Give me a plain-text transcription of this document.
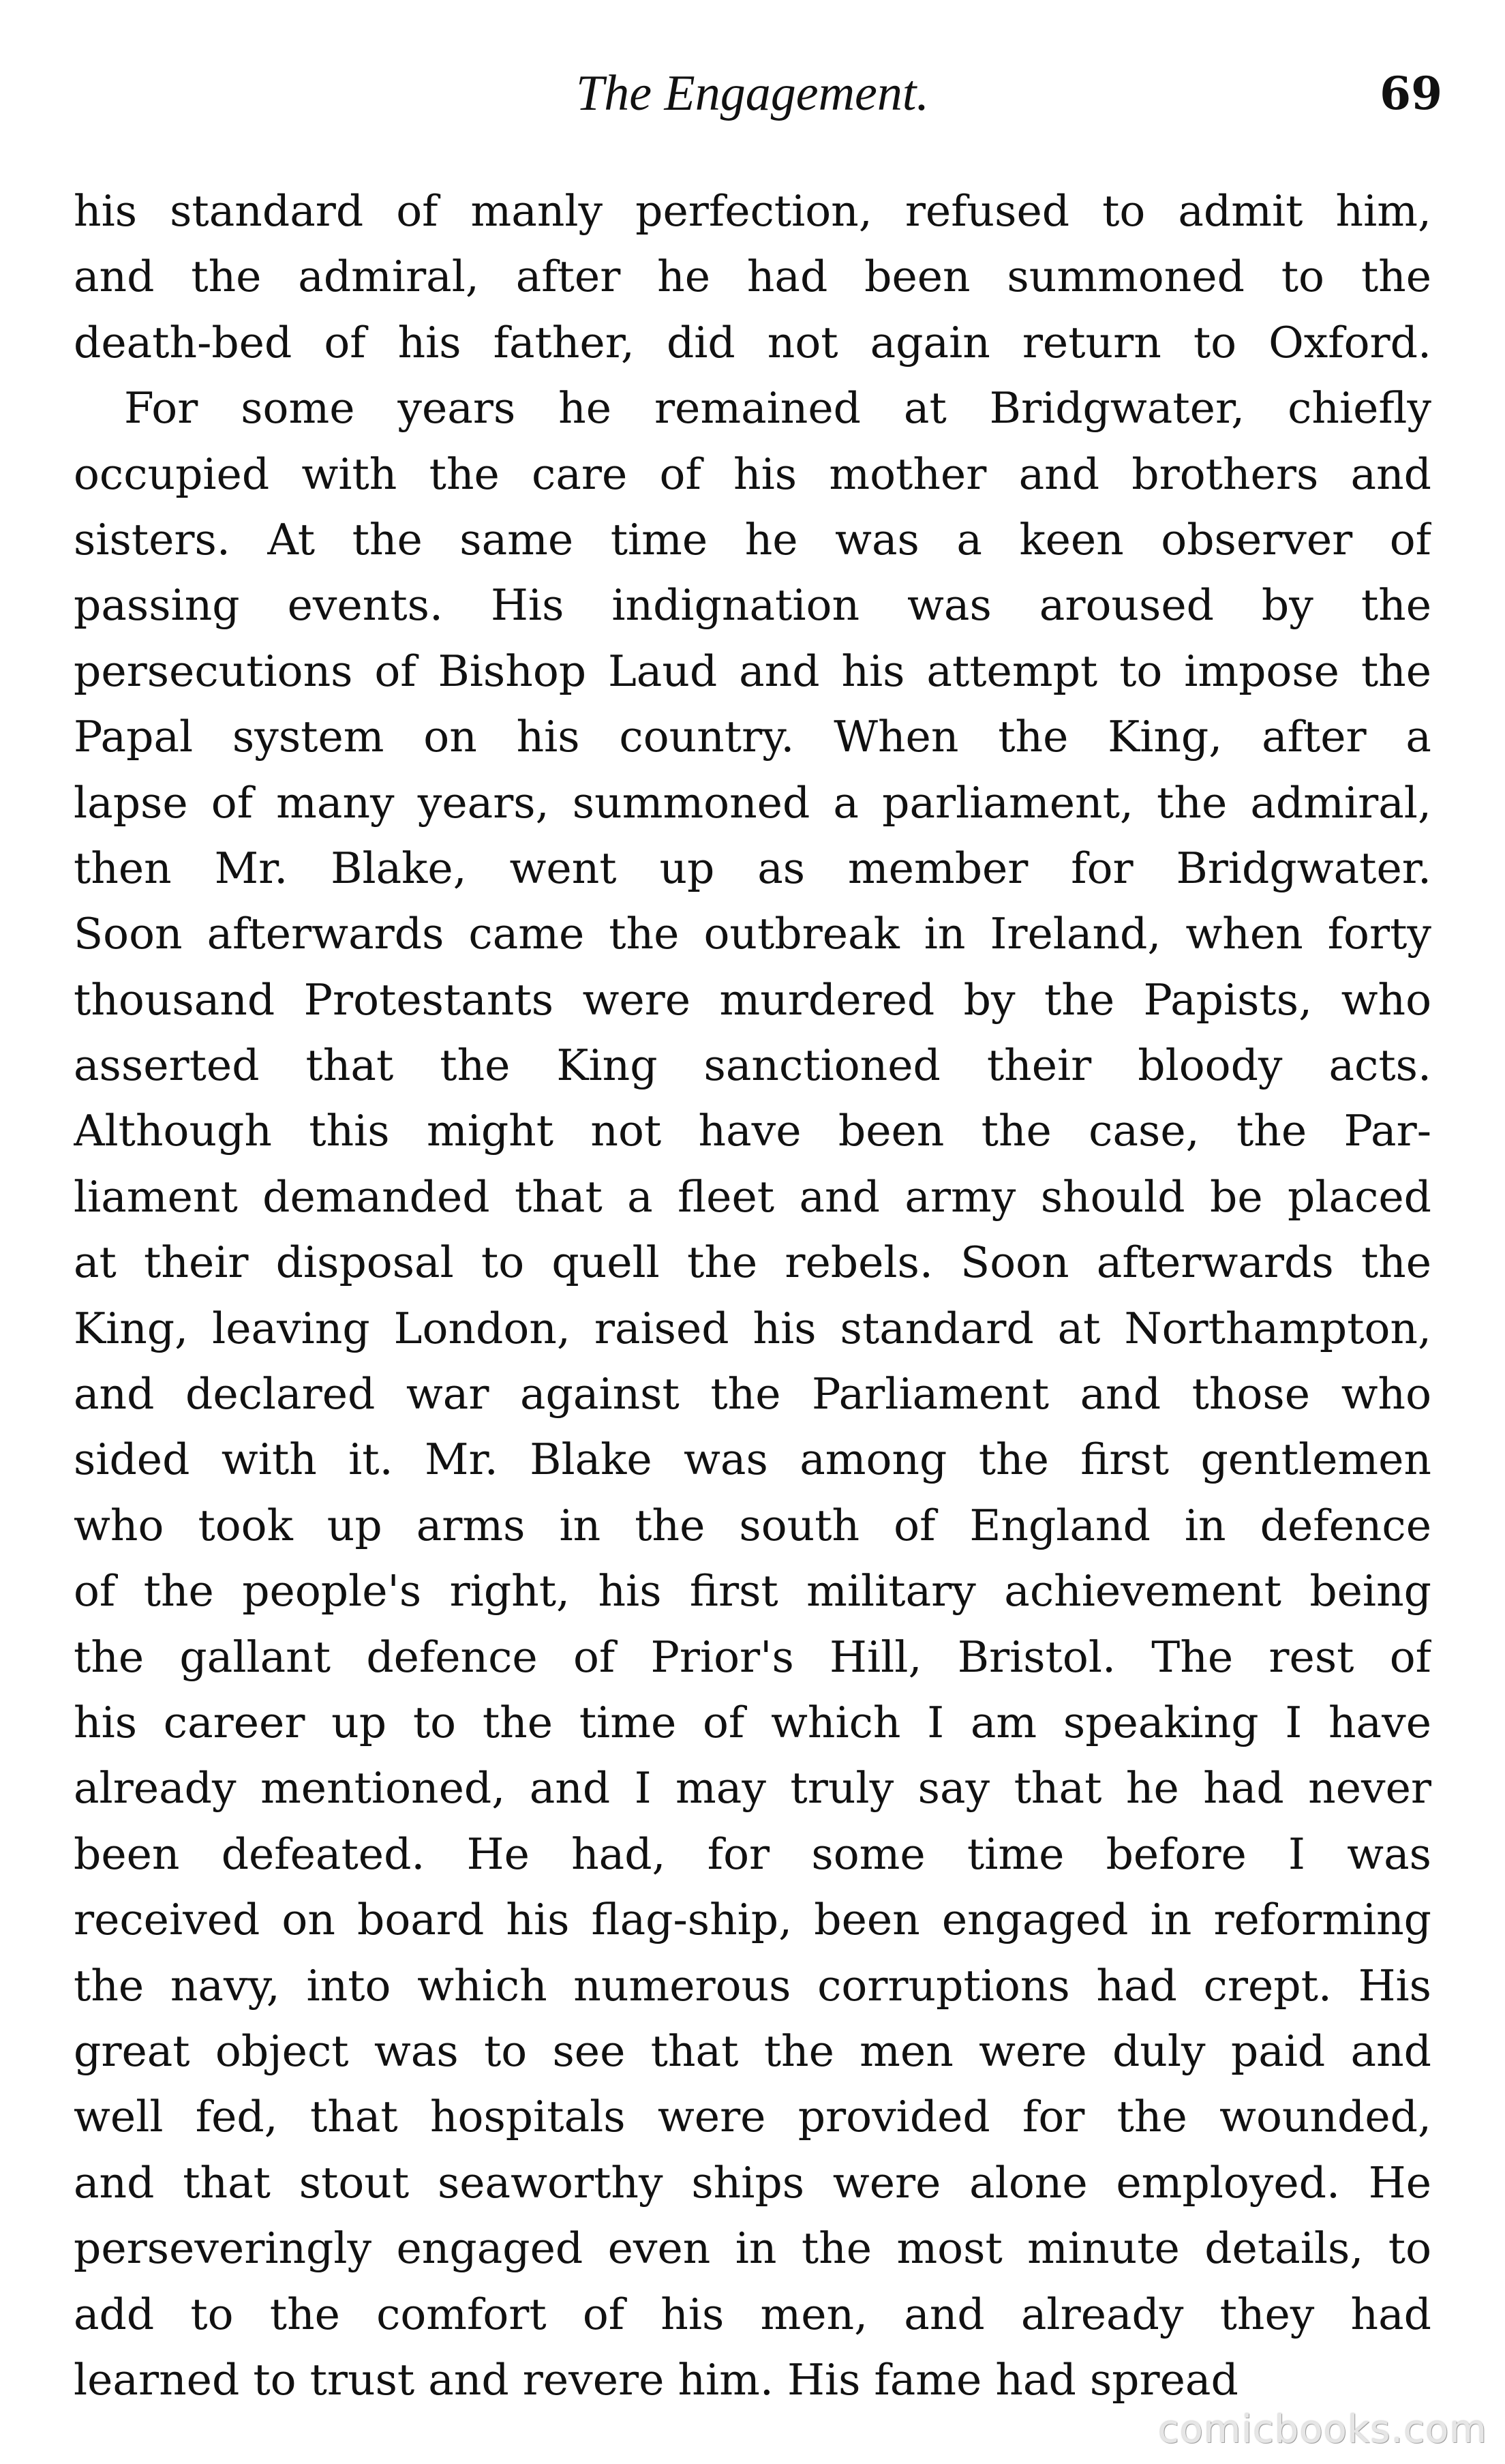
The Engagement.	69
his standard of manly perfection, refused to admit him,
and the admiral, after he had been summoned to the
death-bed of his father, did not again return to Oxford.
For some years he remained at Bridgwater, chiefly
occupied with the care of his mother and brothers and
sisters. At the same time he was a keen observer of
passing events. His indignation was aroused by the
persecutions of Bishop Laud and his attempt to impose the
Papal system on his country. When the King, after a
lapse of many years, summoned a parliament, the admiral,
then Mr. Blake, went up as member for Bridgwater.
Soon afterwards came the outbreak in Ireland, when forty
thousand Protestants were murdered by the Papists, who
asserted that the King sanctioned their bloody acts.
Although this might not have been the case, the Par-
liament demanded that a fleet and army should be placed
at their disposal to quell the rebels. Soon afterwards the
King, leaving London, raised his standard at Northampton,
and declared war against the Parliament and those who
sided with it. Mr. Blake was among the first gentlemen
who took up arms in the south of England in defence
of the people's right, his first military achievement being
the gallant defence of Prior's Hill, Bristol. The rest of
his career up to the time of which I am speaking I have
already mentioned, and I may truly say that he had never
been defeated. He had, for some time before I was
received on board his flag-ship, been engaged in reforming
the navy, into which numerous corruptions had crept. His
great object was to see that the men were duly paid and
well fed, that hospitals were provided for the wounded,
and that stout seaworthy ships were alone employed. He
perseveringly engaged even in the most minute details, to
add to the comfort of his men, and already they had
learned to trust and revere him. His fame had spread
comicbooks.com
